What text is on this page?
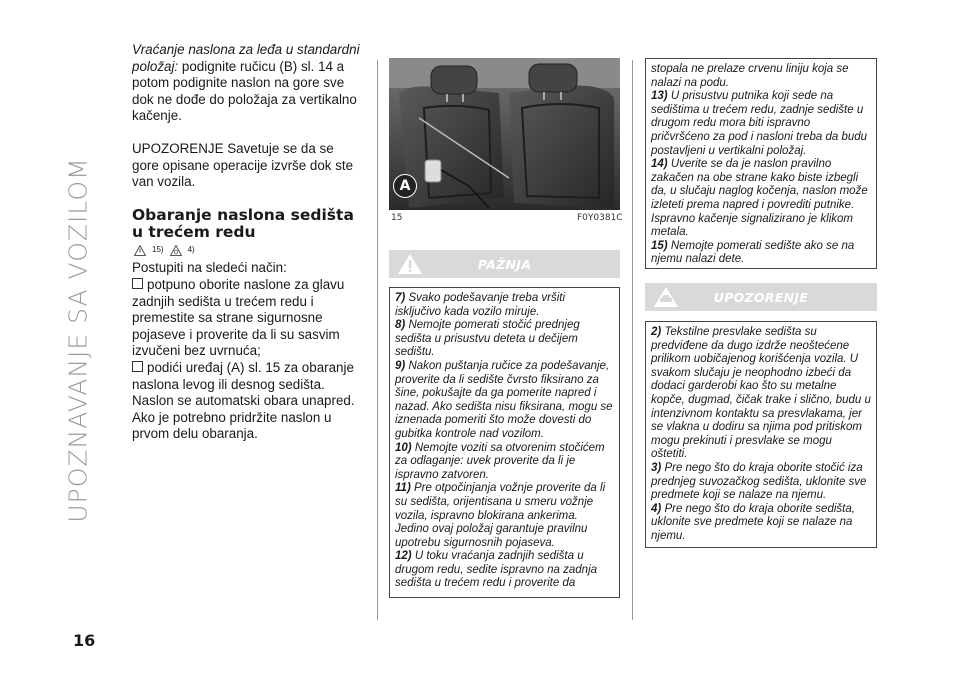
UPOZNAVANJE SA VOZILOM
16

Vraćanje naslona za leđa u standardni položaj: podignite ručicu (B) sl. 14 a potom podignite naslon na gore sve dok ne dođe do položaja za vertikalno kačenje.

UPOZORENJE Savetuje se da se gore opisane operacije izvrše dok ste van vozila.

Obaranje naslona sedišta u trećem redu
15)	4)
Postupiti na sledeći način:
potpuno oborite naslone za glavu zadnjih sedišta u trećem redu i premestite sa strane sigurnosne pojaseve i proverite da li su sasvim izvučeni bez uvrnuća;
podići uređaj (A) sl. 15 za obaranje naslona levog ili desnog sedišta. Naslon se automatski obara unapred. Ako je potrebno pridržite naslon u prvom delu obaranja.
A
15	F0Y0381C
PAŽNJA

7) Svako podešavanje treba vršiti isključivo kada vozilo miruje.

8) Nemojte pomerati stočić prednjeg sedišta u prisustvu deteta u dečijem sedištu.

9) Nakon puštanja ručice za podešavanje, proverite da li sedište čvrsto fiksirano za šine, pokušajte da ga pomerite napred i nazad. Ako sedišta nisu fiksirana, mogu se iznenada pomeriti što može dovesti do gubitka kontrole nad vozilom.

10) Nemojte voziti sa otvorenim stočićem za odlaganje: uvek proverite da li je ispravno zatvoren.

11) Pre otpočinjanja vožnje proverite da li su sedišta, orijentisana u smeru vožnje vozila, ispravno blokirana ankerima. Jedino ovaj položaj garantuje pravilnu upotrebu sigurnosnih pojaseva.

12) U toku vraćanja zadnjih sedišta u drugom redu, sedite ispravno na zadnja sedišta u trećem redu i proverite da

stopala ne prelaze crvenu liniju koja se nalazi na podu.

13) U prisustvu putnika koji sede na sedištima u trećem redu, zadnje sedište u drugom redu mora biti ispravno pričvršćeno za pod i nasloni treba da budu postavljeni u vertikalni položaj.

14) Uverite se da je naslon pravilno zakačen na obe strane kako biste izbegli da, u slučaju naglog kočenja, naslon može izleteti prema napred i povrediti putnike. Ispravno kačenje signalizirano je klikom metala.

15) Nemojte pomerati sedište ako se na njemu nalazi dete.

UPOZORENJE

2) Tekstilne presvlake sedišta su predviđene da dugo izdrže neoštećene prilikom uobičajenog korišćenja vozila. U svakom slučaju je neophodno izbeći da dodaci garderobi kao što su metalne kopče, dugmad, čičak trake i slično, budu u intenzivnom kontaktu sa presvlakama, jer se vlakna u dodiru sa njima pod pritiskom mogu prekinuti i presvlake se mogu oštetiti.

3) Pre nego što do kraja oborite stočić iza prednjeg suvozačkog sedišta, uklonite sve predmete koji se nalaze na njemu.

4) Pre nego što do kraja oborite sedišta, uklonite sve predmete koji se nalaze na njemu.
